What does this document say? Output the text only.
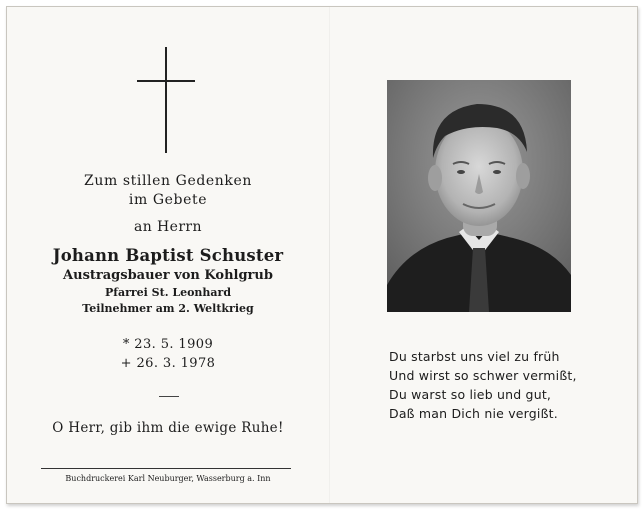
Zum stillen Gedenken
im Gebete
an Herrn
Johann Baptist Schuster
Austragsbauer von Kohlgrub
Pfarrei St. Leonhard
Teilnehmer am 2. Weltkrieg
* 23. 5. 1909
+ 26. 3. 1978
O Herr, gib ihm die ewige Ruhe!
Buchdruckerei Karl Neuburger, Wasserburg a. Inn
Du starbst uns viel zu früh
Und wirst so schwer vermißt,
Du warst so lieb und gut,
Daß man Dich nie vergißt.
